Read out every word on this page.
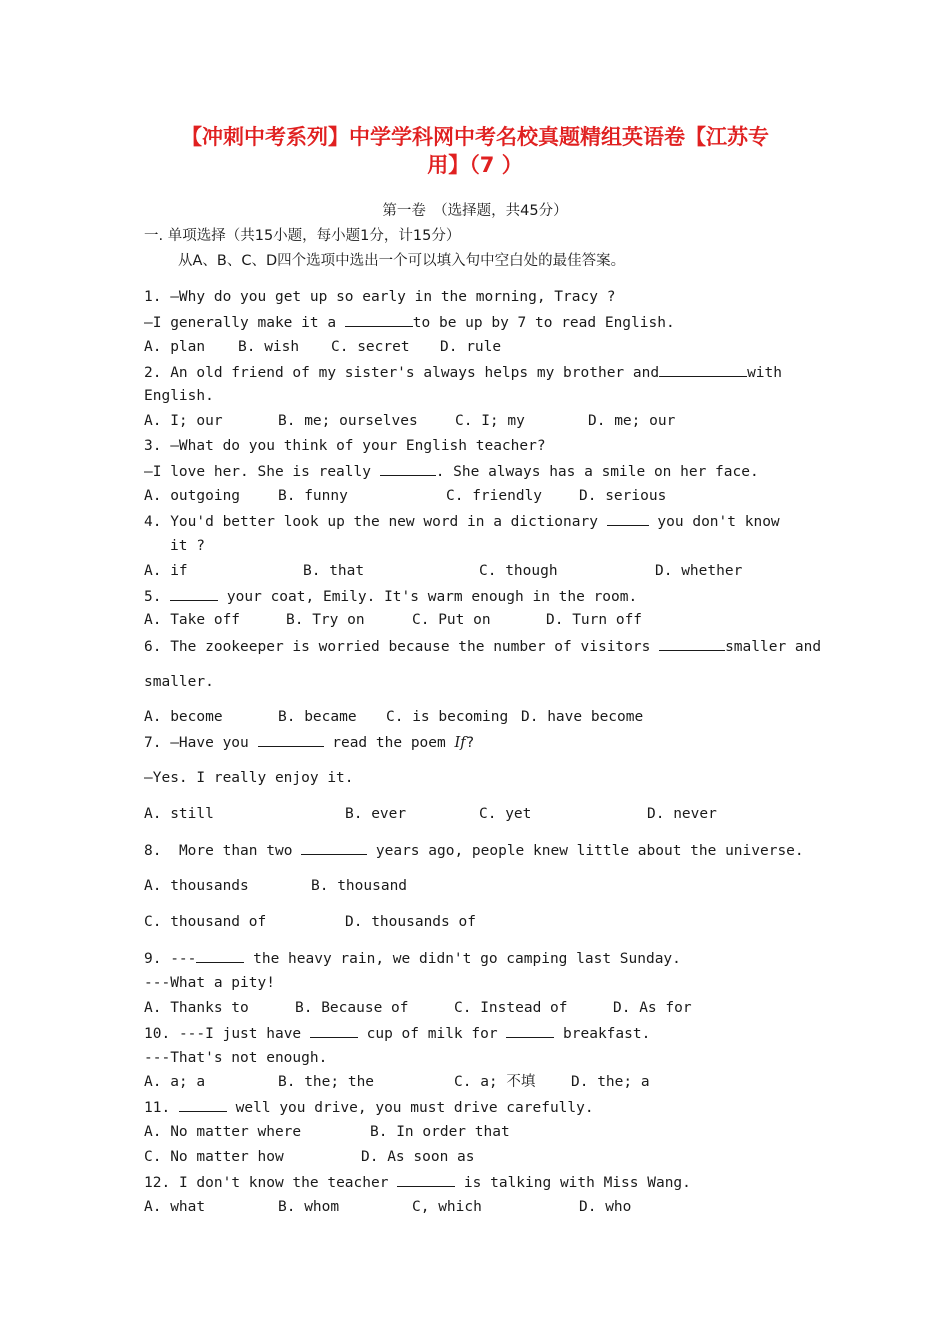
【冲刺中考系列】中学学科网中考名校真题精组英语卷【江苏专
用】（7 ）
第一卷　（选择题，共45分）
一. 单项选择（共15小题，每小题1分，计15分）
从A、B、C、D四个选项中选出一个可以填入句中空白处的最佳答案。
1. —Why do you get up so early in the morning, Tracy ?
—I generally make it a	to be up by 7 to read English.
A. plan B. wish C. secret D. rule
2. An old friend of my sister's always helps my brother and	with
English.
A. I; our	B. me; ourselves	C. I; my	D. me; our
3. —What do you think of your English teacher?
—I love her. She is really	. She always has a smile on her face.
A. outgoing	B. funny	C. friendly	D. serious
4. You'd better look up the new word in a dictionary	you don't know
it ?
A. if	B. that	C. though	D. whether
5.	your coat, Emily. It's warm enough in the room.
A. Take off	B. Try on	C. Put on	D. Turn off
6. The zookeeper is worried because the number of visitors	smaller and
smaller.
A. become	B. became C. is becoming D. have become
7. —Have you	read the poem If?
—Yes. I really enjoy it.
A. still	B. ever	C. yet	D. never
8. More than two	years ago, people knew little about the universe.
A. thousands	B. thousand
C. thousand of	D. thousands of
9. ---	the heavy rain, we didn't go camping last Sunday.
---What a pity!
A. Thanks to	B. Because of	C. Instead of	D. As for
10. ---I just have	cup of milk for	breakfast.
---That's not enough.
A. a; a	B. the; the	C. a; 不填 D. the; a
11.	well you drive, you must drive carefully.
A. No matter where	B. In order that
C. No matter how	D. As soon as
12. I don't know the teacher	is talking with Miss Wang.
A. what	B. whom	C, which	D. who
